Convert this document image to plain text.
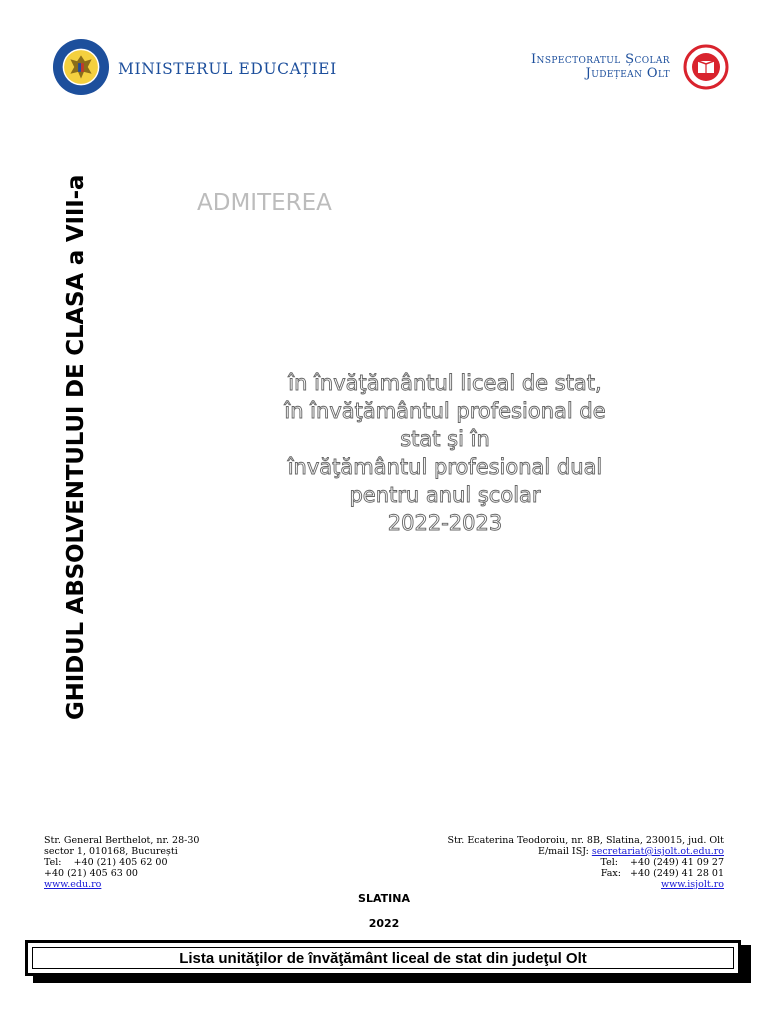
MINISTERUL EDUCAȚIEI
Inspectoratul Școlar
Județean Olt
GHIDUL ABSOLVENTULUI DE CLASA a VIII-a	ADMITEREA
în învăţământul liceal de stat,
în învăţământul profesional de
stat şi în
învăţământul profesional dual
pentru anul şcolar
2022-2023
Str. General Berthelot, nr. 28-30
sector 1, 010168, București
Tel: +40 (21) 405 62 00
+40 (21) 405 63 00
www.edu.ro
Str. Ecaterina Teodoroiu, nr. 8B, Slatina, 230015, jud. Olt
E/mail ISJ: secretariat@isjolt.ot.edu.ro
Tel: +40 (249) 41 09 27
Fax: +40 (249) 41 28 01
www.isjolt.ro
SLATINA
2022
Lista unităţilor de învăţământ liceal de stat din judeţul Olt
